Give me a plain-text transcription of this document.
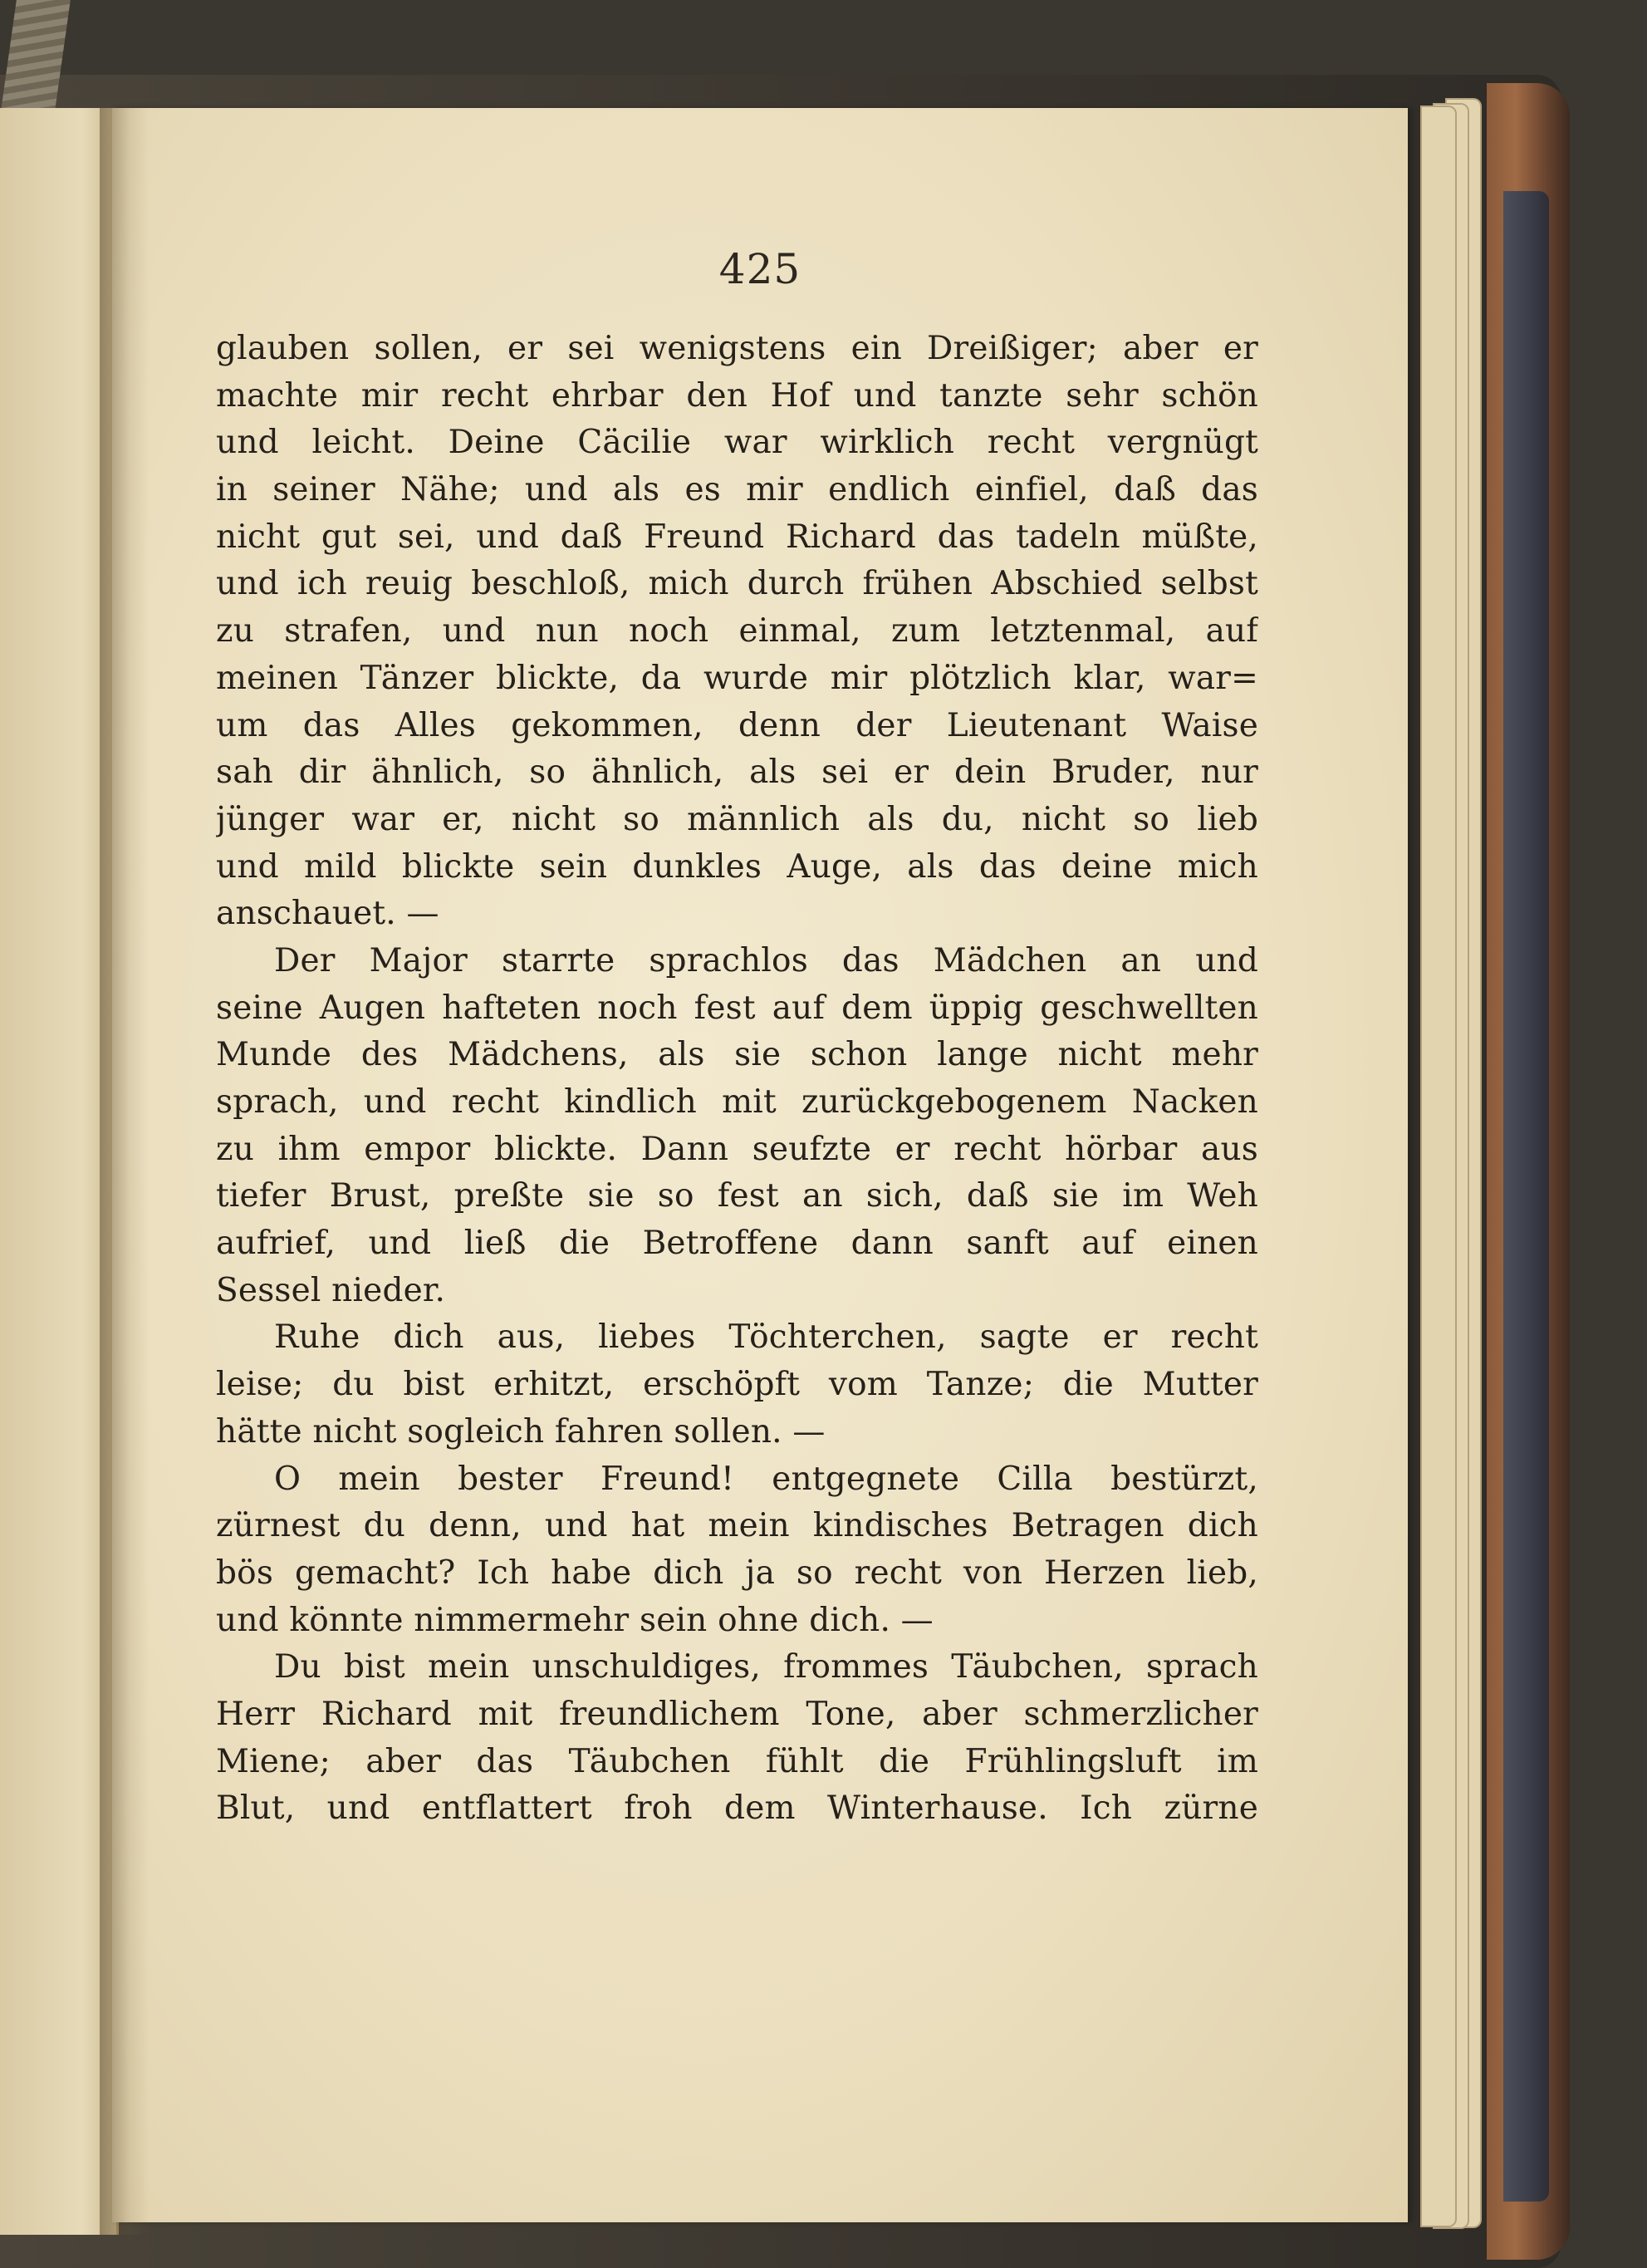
425
glauben sollen, er sei wenigstens ein Dreißiger; aber er
machte mir recht ehrbar den Hof und tanzte sehr schön
und leicht. Deine Cäcilie war wirklich recht vergnügt
in seiner Nähe; und als es mir endlich einfiel, daß das
nicht gut sei, und daß Freund Richard das tadeln müßte,
und ich reuig beschloß, mich durch frühen Abschied selbst
zu strafen, und nun noch einmal, zum letztenmal, auf
meinen Tänzer blickte, da wurde mir plötzlich klar, war=
um das Alles gekommen, denn der Lieutenant Waise
sah dir ähnlich, so ähnlich, als sei er dein Bruder, nur
jünger war er, nicht so männlich als du, nicht so lieb
und mild blickte sein dunkles Auge, als das deine mich
anschauet. —
Der Major starrte sprachlos das Mädchen an und
seine Augen hafteten noch fest auf dem üppig geschwellten
Munde des Mädchens, als sie schon lange nicht mehr
sprach, und recht kindlich mit zurückgebogenem Nacken
zu ihm empor blickte. Dann seufzte er recht hörbar aus
tiefer Brust, preßte sie so fest an sich, daß sie im Weh
aufrief, und ließ die Betroffene dann sanft auf einen
Sessel nieder.
Ruhe dich aus, liebes Töchterchen, sagte er recht
leise; du bist erhitzt, erschöpft vom Tanze; die Mutter
hätte nicht sogleich fahren sollen. —
O mein bester Freund! entgegnete Cilla bestürzt,
zürnest du denn, und hat mein kindisches Betragen dich
bös gemacht? Ich habe dich ja so recht von Herzen lieb,
und könnte nimmermehr sein ohne dich. —
Du bist mein unschuldiges, frommes Täubchen, sprach
Herr Richard mit freundlichem Tone, aber schmerzlicher
Miene; aber das Täubchen fühlt die Frühlingsluft im
Blut, und entflattert froh dem Winterhause. Ich zürne
